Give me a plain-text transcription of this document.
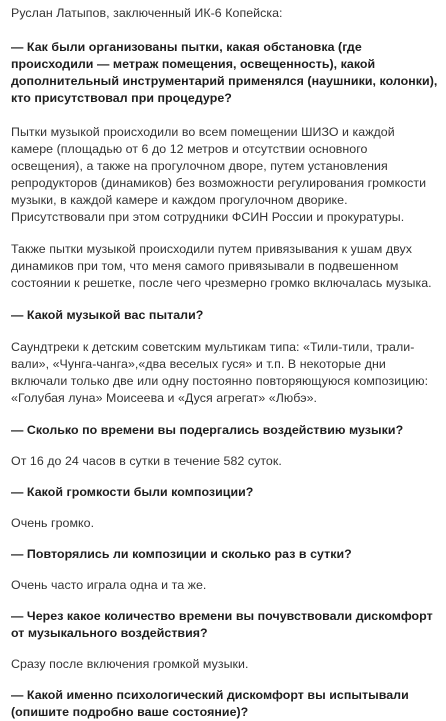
Руслан Латыпов, заключенный ИК-6 Копейска:

— Как были организованы пытки, какая обстановка (где происходили — метраж помещения, освещенность), какой дополнительный инструментарий применялся (наушники, колонки), кто присутствовал при процедуре?

Пытки музыкой происходили во всем помещении ШИЗО и каждой камере (площадью от 6 до 12 метров и отсутствии основного освещения), а также на прогулочном дворе, путем установления репродукторов (динамиков) без возможности регулирования громкости музыки, в каждой камере и каждом прогулочном дворике. Присутствовали при этом сотрудники ФСИН России и прокуратуры.

Также пытки музыкой происходили путем привязывания к ушам двух динамиков при том, что меня самого привязывали в подвешенном состоянии к решетке, после чего чрезмерно громко включалась музыка.

— Какой музыкой вас пытали?

Саундтреки к детским советским мультикам типа: «Тили-тили, трали-вали», «Чунга-чанга»,«два веселых гуся» и т.п. В некоторые дни включали только две или одну постоянно повторяющуюся композицию: «Голубая луна» Моисеева и «Дуся агрегат» «Любэ».

— Сколько по времени вы подергались воздействию музыки?

От 16 до 24 часов в сутки в течение 582 суток.

— Какой громкости были композиции?

Очень громко.

— Повторялись ли композиции и сколько раз в сутки?

Очень часто играла одна и та же.

— Через какое количество времени вы почувствовали дискомфорт от музыкального воздействия?

Сразу после включения громкой музыки.

— Какой именно психологический дискомфорт вы испытывали (опишите подробно ваше состояние)?
